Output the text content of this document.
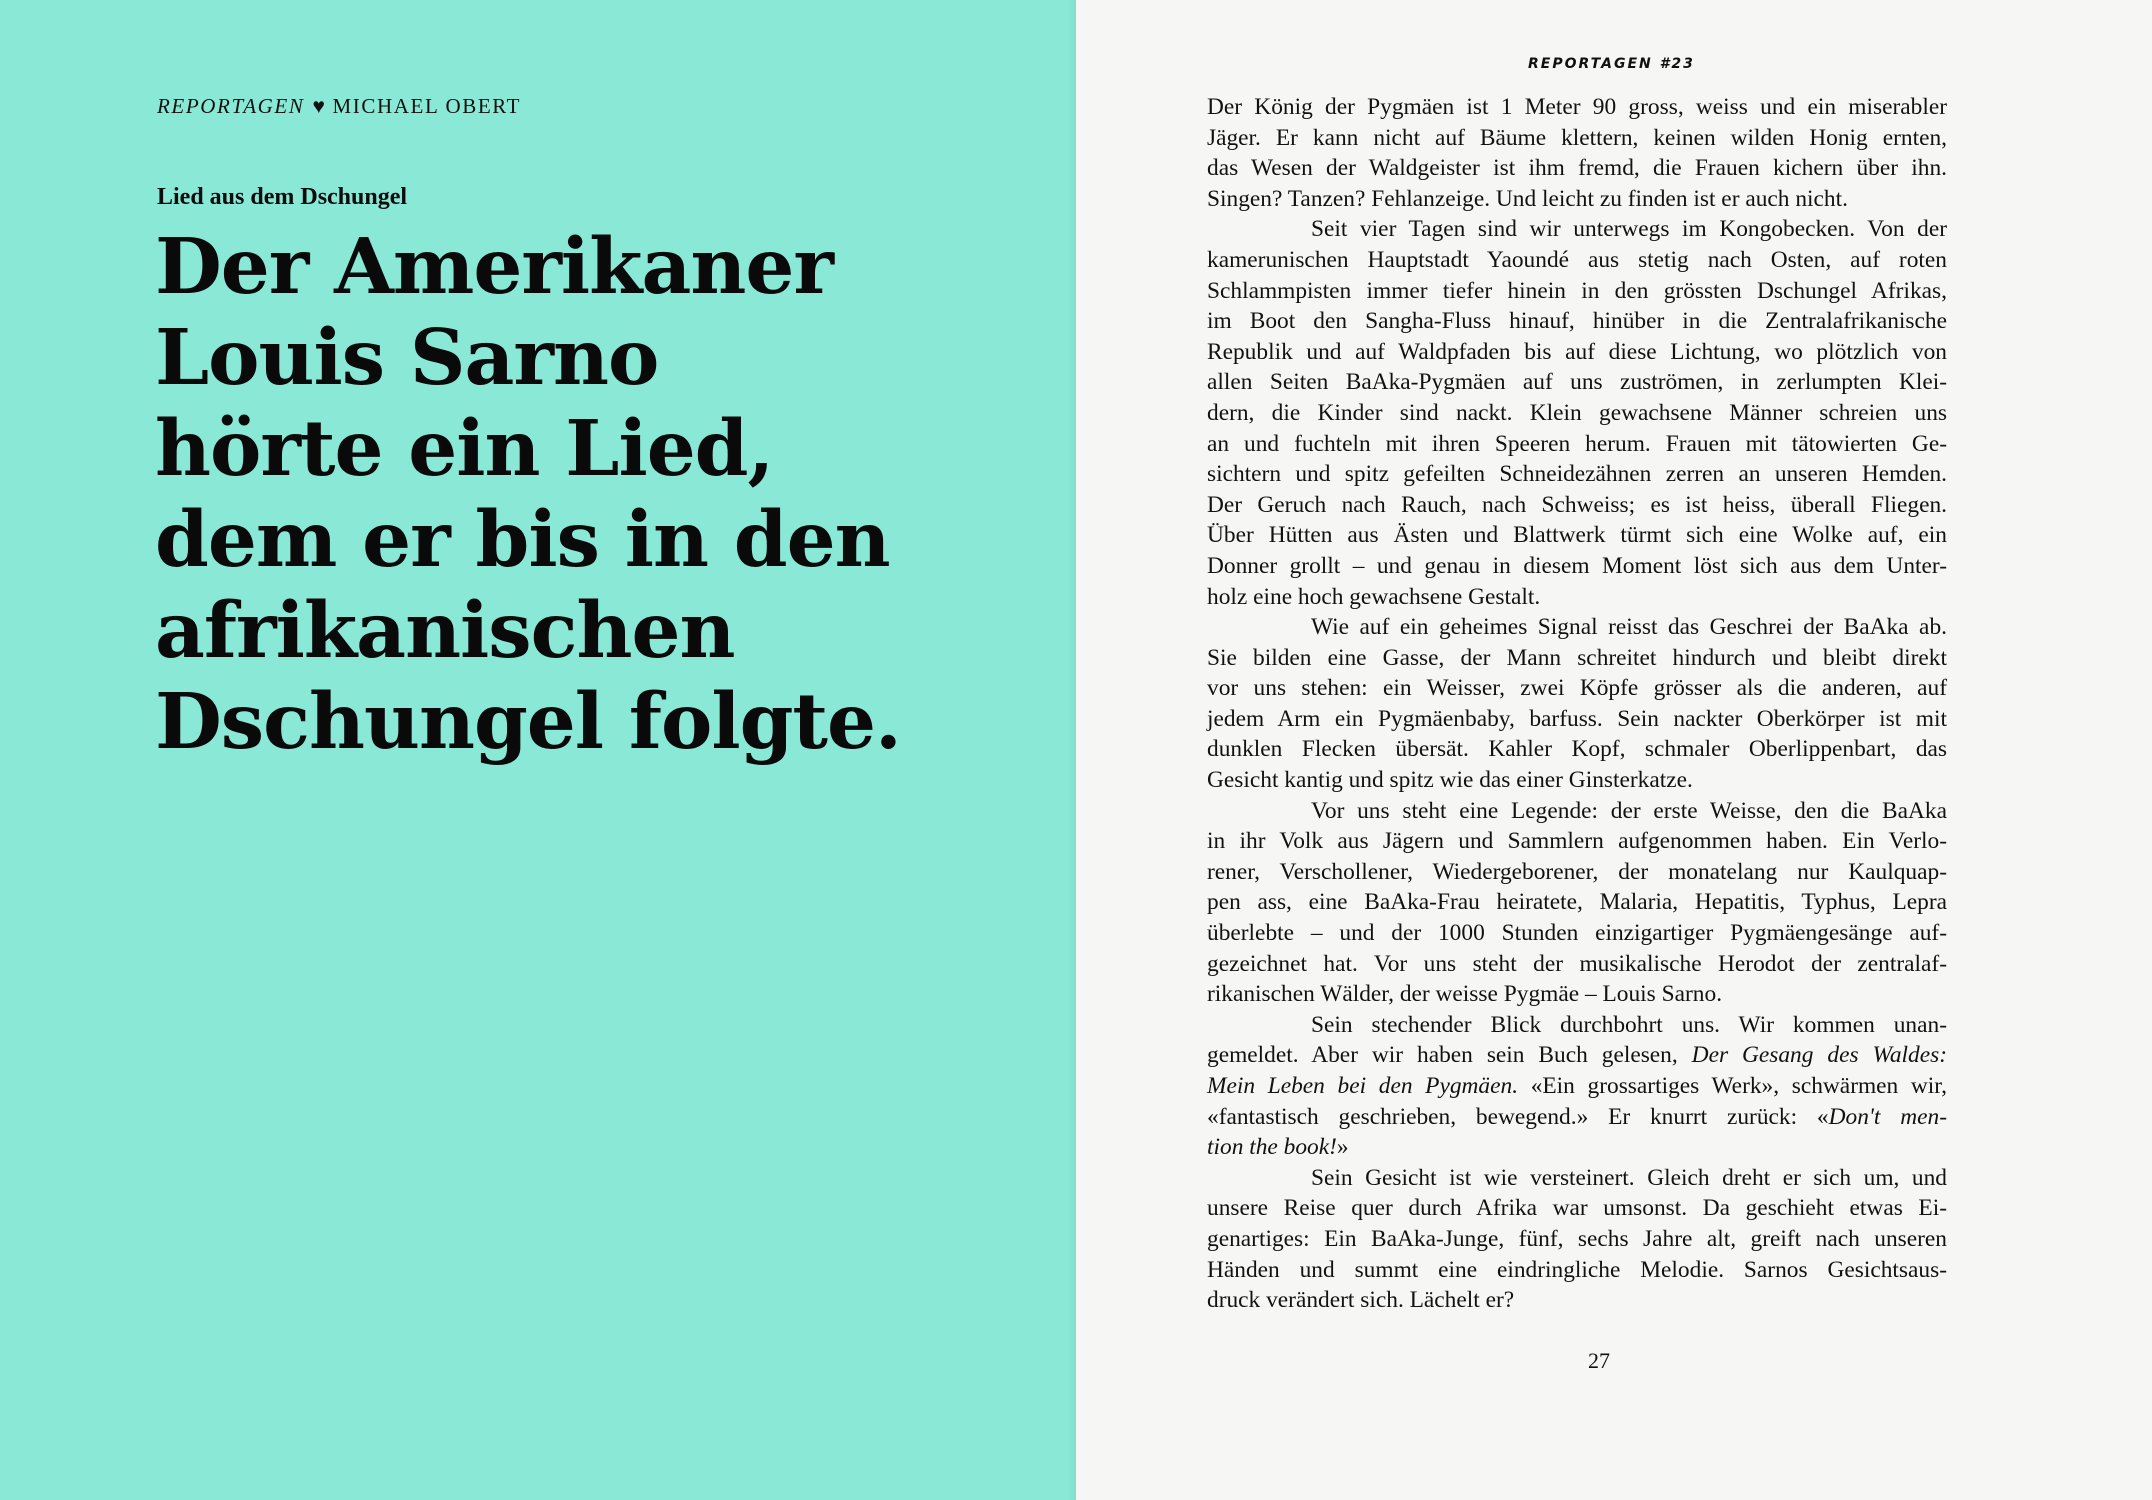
REPORTAGEN ♥ MICHAEL OBERT
Lied aus dem Dschungel
Der Amerikaner
Louis Sarno
hörte ein Lied,
dem er bis in den
afrikanischen
Dschungel folgte.
REPORTAGEN #23
Der König der Pygmäen ist 1 Meter 90 gross, weiss und ein miserabler
Jäger. Er kann nicht auf Bäume klettern, keinen wilden Honig ernten,
das Wesen der Waldgeister ist ihm fremd, die Frauen kichern über ihn.
Singen? Tanzen? Fehlanzeige. Und leicht zu finden ist er auch nicht.
Seit vier Tagen sind wir unterwegs im Kongobecken. Von der
kamerunischen Hauptstadt Yaoundé aus stetig nach Osten, auf roten
Schlammpisten immer tiefer hinein in den grössten Dschungel Afrikas,
im Boot den Sangha-Fluss hinauf, hinüber in die Zentralafrikanische
Republik und auf Waldpfaden bis auf diese Lichtung, wo plötzlich von
allen Seiten BaAka-Pygmäen auf uns zuströmen, in zerlumpten Klei-
dern, die Kinder sind nackt. Klein gewachsene Männer schreien uns
an und fuchteln mit ihren Speeren herum. Frauen mit tätowierten Ge-
sichtern und spitz gefeilten Schneidezähnen zerren an unseren Hemden.
Der Geruch nach Rauch, nach Schweiss; es ist heiss, überall Fliegen.
Über Hütten aus Ästen und Blattwerk türmt sich eine Wolke auf, ein
Donner grollt – und genau in diesem Moment löst sich aus dem Unter-
holz eine hoch gewachsene Gestalt.
Wie auf ein geheimes Signal reisst das Geschrei der BaAka ab.
Sie bilden eine Gasse, der Mann schreitet hindurch und bleibt direkt
vor uns stehen: ein Weisser, zwei Köpfe grösser als die anderen, auf
jedem Arm ein Pygmäenbaby, barfuss. Sein nackter Oberkörper ist mit
dunklen Flecken übersät. Kahler Kopf, schmaler Oberlippenbart, das
Gesicht kantig und spitz wie das einer Ginsterkatze.
Vor uns steht eine Legende: der erste Weisse, den die BaAka
in ihr Volk aus Jägern und Sammlern aufgenommen haben. Ein Verlo-
rener, Verschollener, Wiedergeborener, der monatelang nur Kaulquap-
pen ass, eine BaAka-Frau heiratete, Malaria, Hepatitis, Typhus, Lepra
überlebte – und der 1000 Stunden einzigartiger Pygmäengesänge auf-
gezeichnet hat. Vor uns steht der musikalische Herodot der zentralaf-
rikanischen Wälder, der weisse Pygmäe – Louis Sarno.
Sein stechender Blick durchbohrt uns. Wir kommen unan-
gemeldet. Aber wir haben sein Buch gelesen, Der Gesang des Waldes:
Mein Leben bei den Pygmäen. «Ein grossartiges Werk», schwärmen wir,
«fantastisch geschrieben, bewegend.» Er knurrt zurück: «Don't men-
tion the book!»
Sein Gesicht ist wie versteinert. Gleich dreht er sich um, und
unsere Reise quer durch Afrika war umsonst. Da geschieht etwas Ei-
genartiges: Ein BaAka-Junge, fünf, sechs Jahre alt, greift nach unseren
Händen und summt eine eindringliche Melodie. Sarnos Gesichtsaus-
druck verändert sich. Lächelt er?
27
